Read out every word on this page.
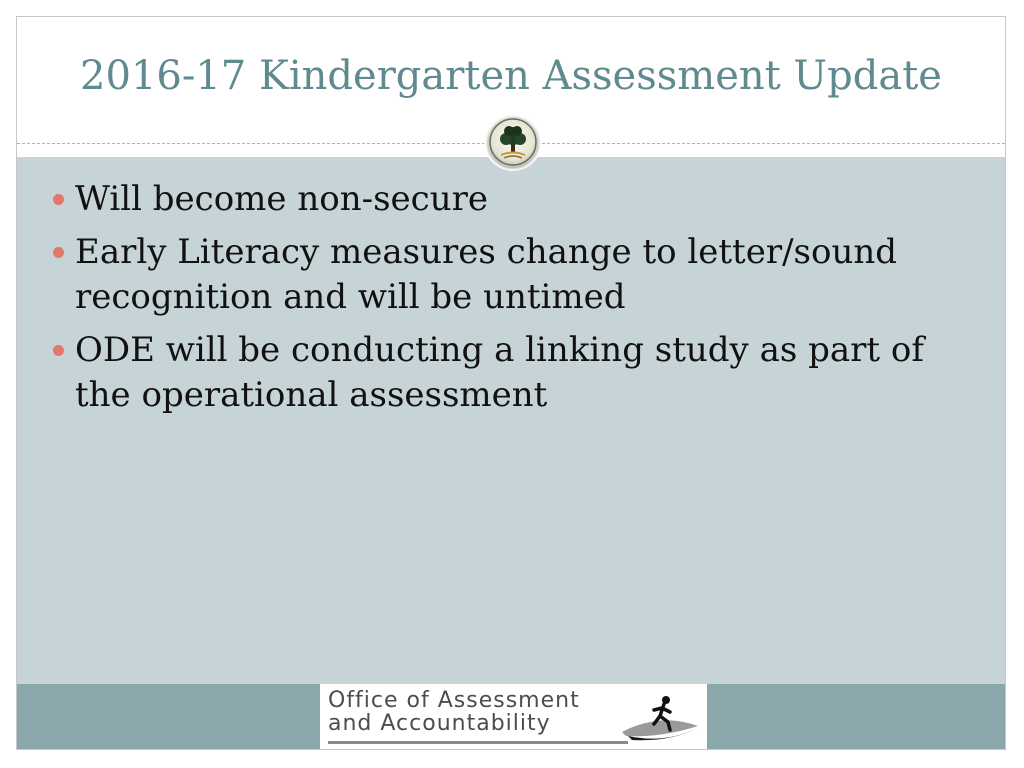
2016-17 Kindergarten Assessment Update
Will become non-secure
Early Literacy measures change to letter/sound recognition and will be untimed
ODE will be conducting a linking study as part of the operational assessment
Office of Assessment
and Accountability
